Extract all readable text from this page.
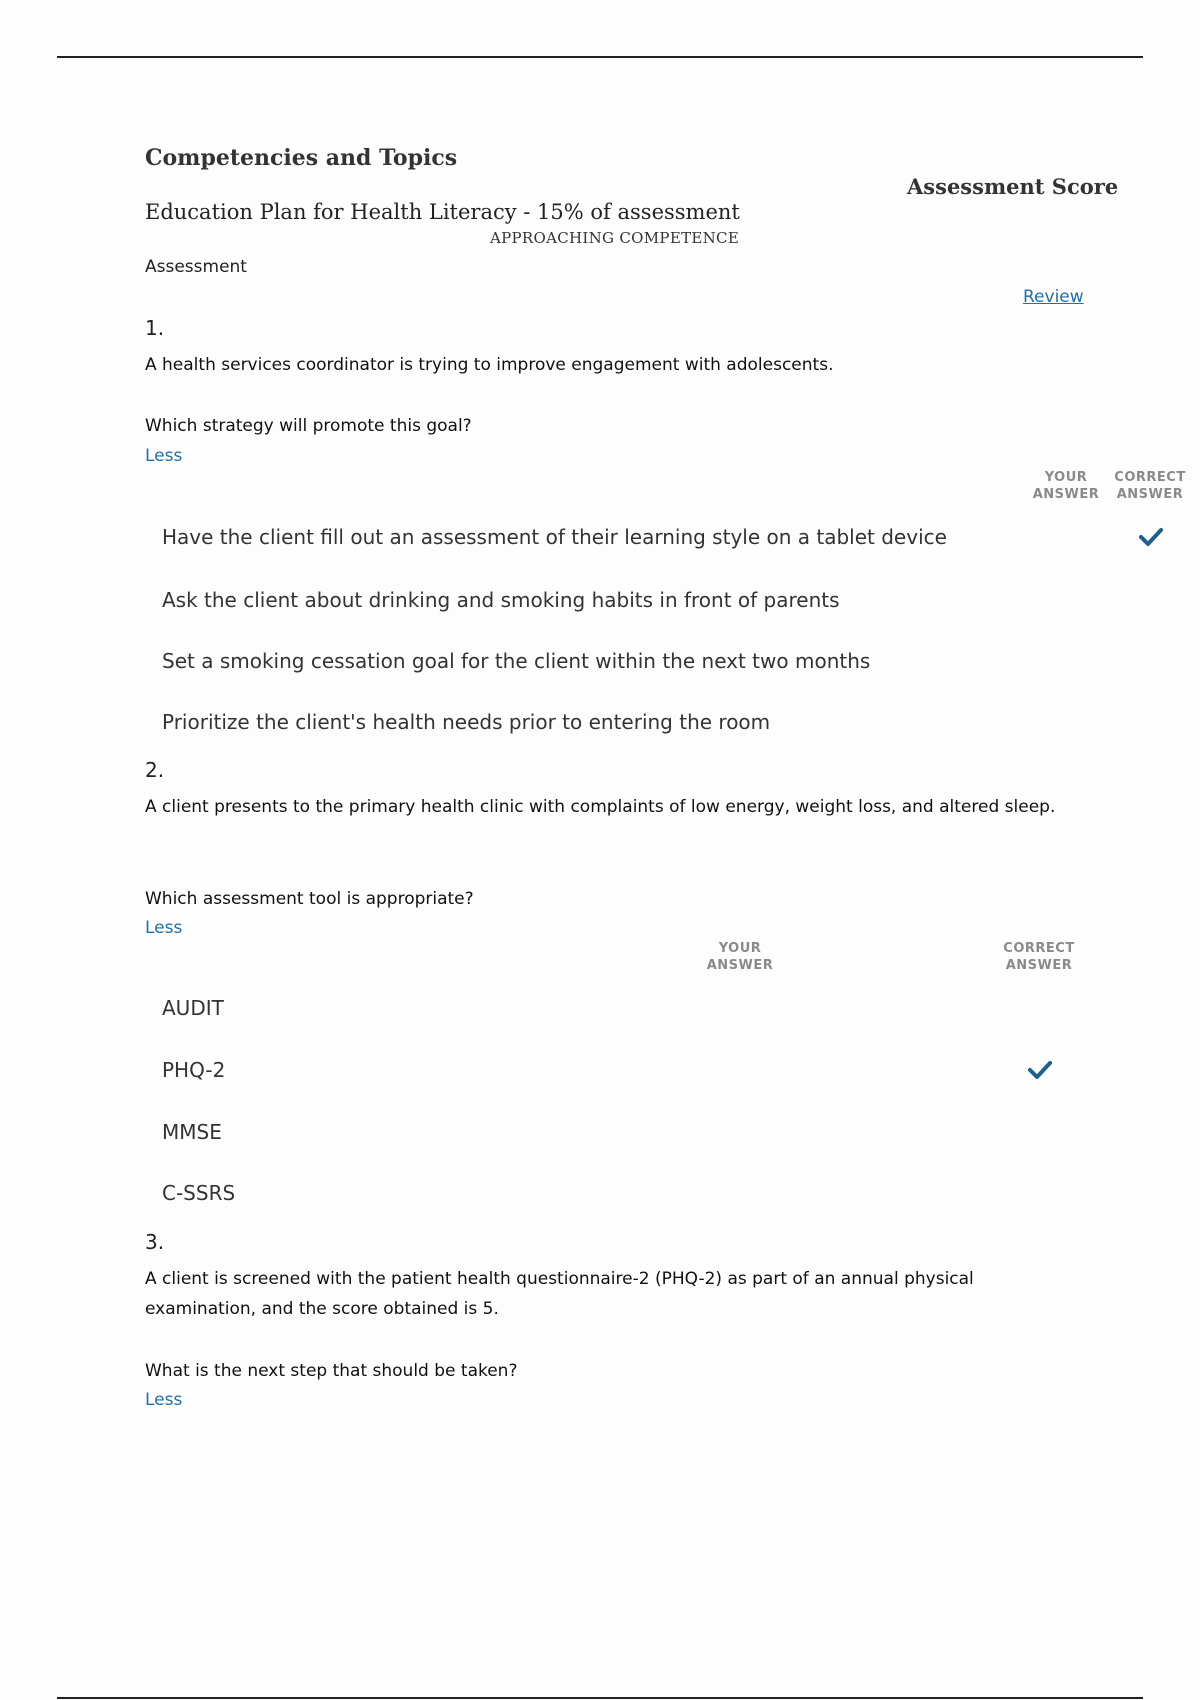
Competencies and Topics
Assessment Score
Education Plan for Health Literacy - 15% of assessment
APPROACHING COMPETENCE
Assessment
Review
1.
A health services coordinator is trying to improve engagement with adolescents.
Which strategy will promote this goal?
Less
YOUR
ANSWER
CORRECT
ANSWER
Have the client fill out an assessment of their learning style on a tablet device
Ask the client about drinking and smoking habits in front of parents
Set a smoking cessation goal for the client within the next two months
Prioritize the client's health needs prior to entering the room
2.
A client presents to the primary health clinic with complaints of low energy, weight loss, and altered sleep.
Which assessment tool is appropriate?
Less
YOUR
ANSWER
CORRECT
ANSWER
AUDIT
PHQ-2
MMSE
C-SSRS
3.
A client is screened with the patient health questionnaire-2 (PHQ-2) as part of an annual physical examination, and the score obtained is 5.
What is the next step that should be taken?
Less
